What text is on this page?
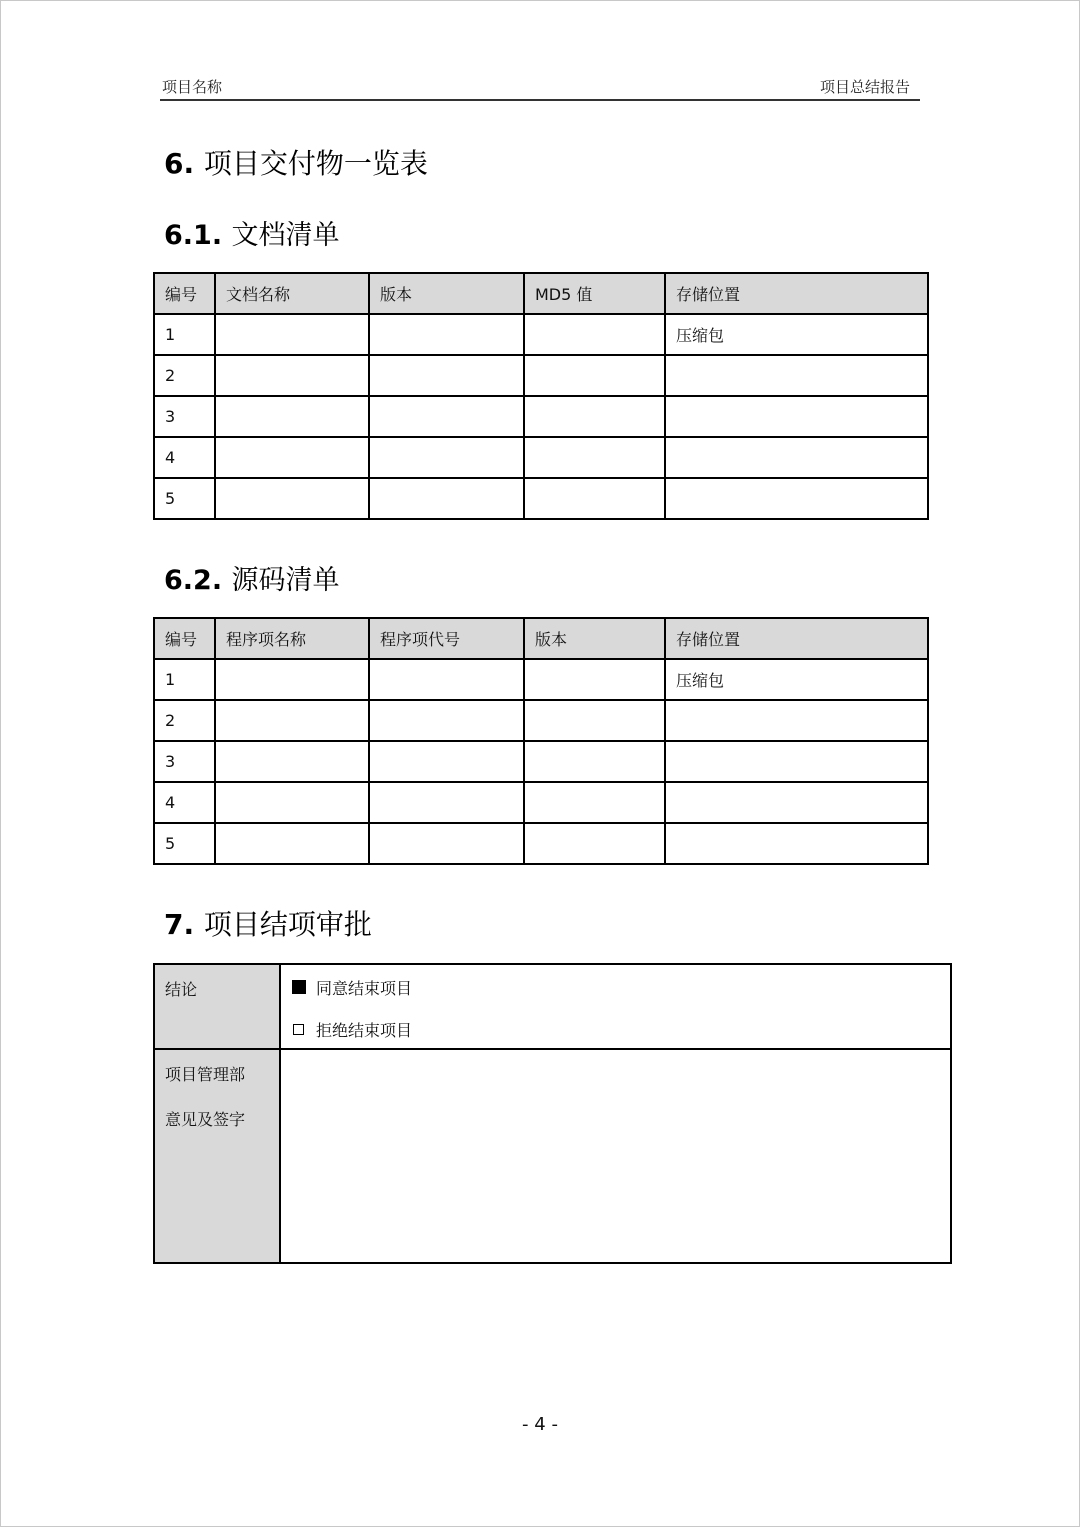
项目名称	项目总结报告
6. 项目交付物一览表
6.1. 文档清单
编号	文档名称	版本	MD5 值	存储位置
1				压缩包
2				
3				
4				
5				
6.2. 源码清单
编号	程序项名称	程序项代号	版本	存储位置
1				压缩包
2				
3				
4				
5				
7. 项目结项审批
结论	同意结束项目
拒绝结束项目

项目管理部
意见及签字	

- 4 -
